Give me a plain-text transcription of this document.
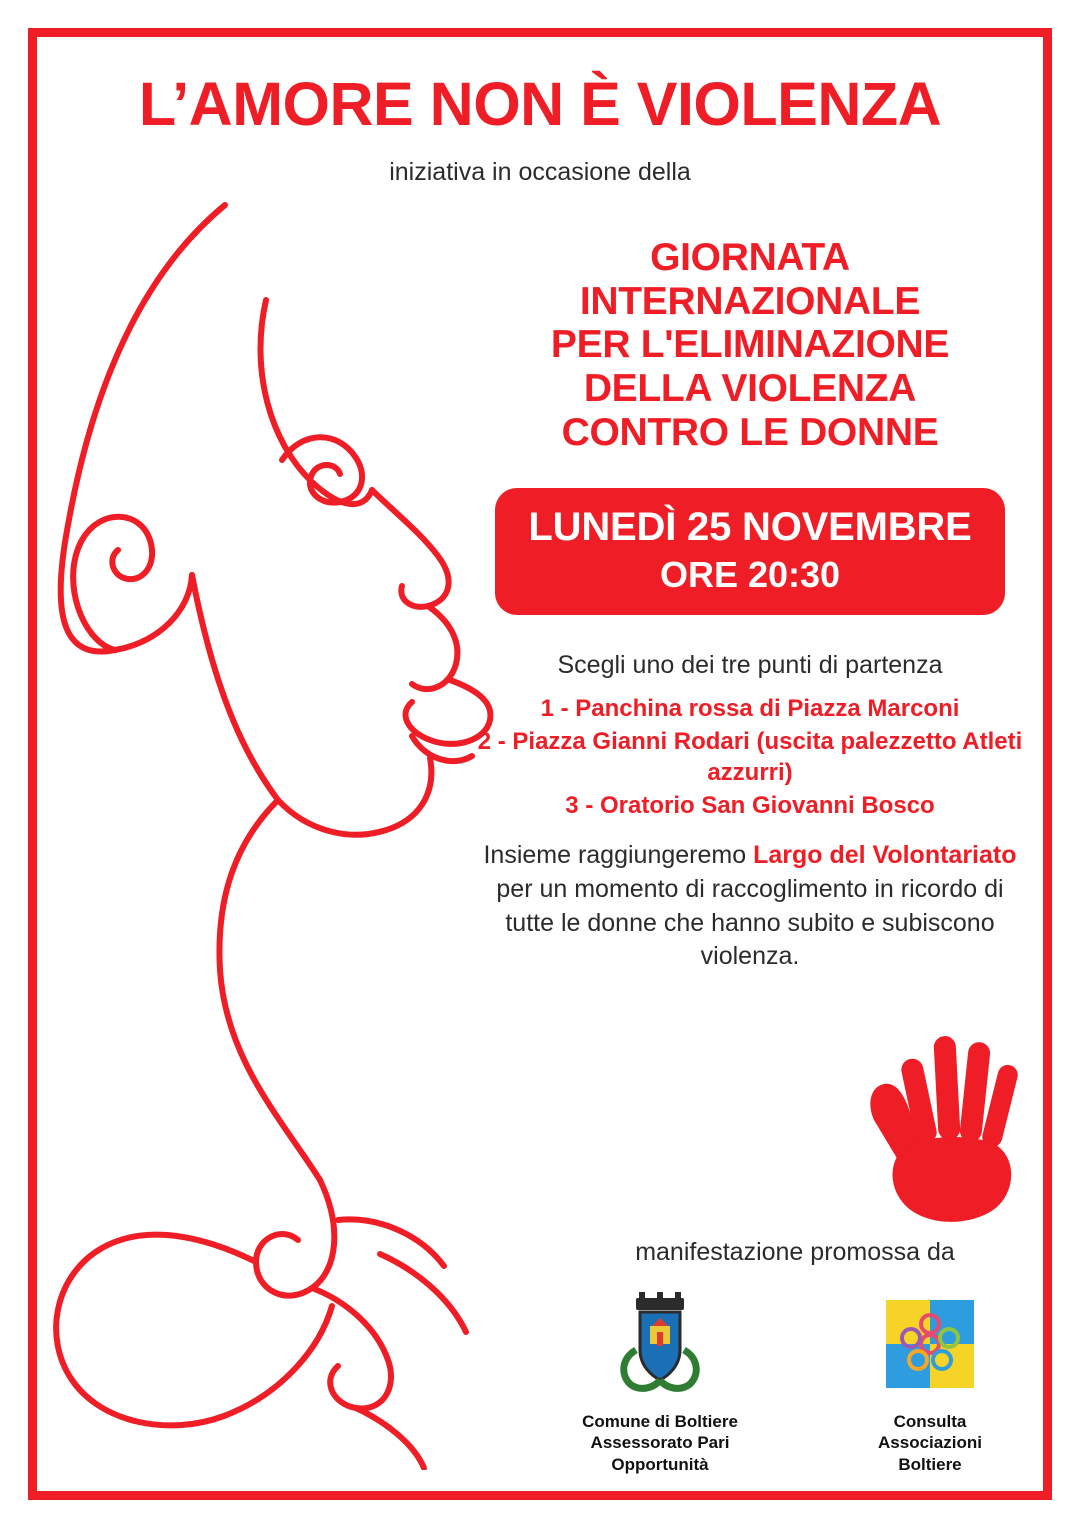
L’AMORE NON È VIOLENZA
iniziativa in occasione della
GIORNATA
INTERNAZIONALE
PER L'ELIMINAZIONE
DELLA VIOLENZA
CONTRO LE DONNE
LUNEDÌ 25 NOVEMBRE
ORE 20:30
Scegli uno dei tre punti di partenza
1 - Panchina rossa di Piazza Marconi
2 - Piazza Gianni Rodari (uscita palezzetto Atleti azzurri)
3 - Oratorio San Giovanni Bosco
Insieme raggiungeremo Largo del Volontariato per un momento di raccoglimento in ricordo di tutte le donne che hanno subito e subiscono violenza.
manifestazione promossa da
Comune di Boltiere
Assessorato Pari Opportunità
Consulta
Associazioni
Boltiere
